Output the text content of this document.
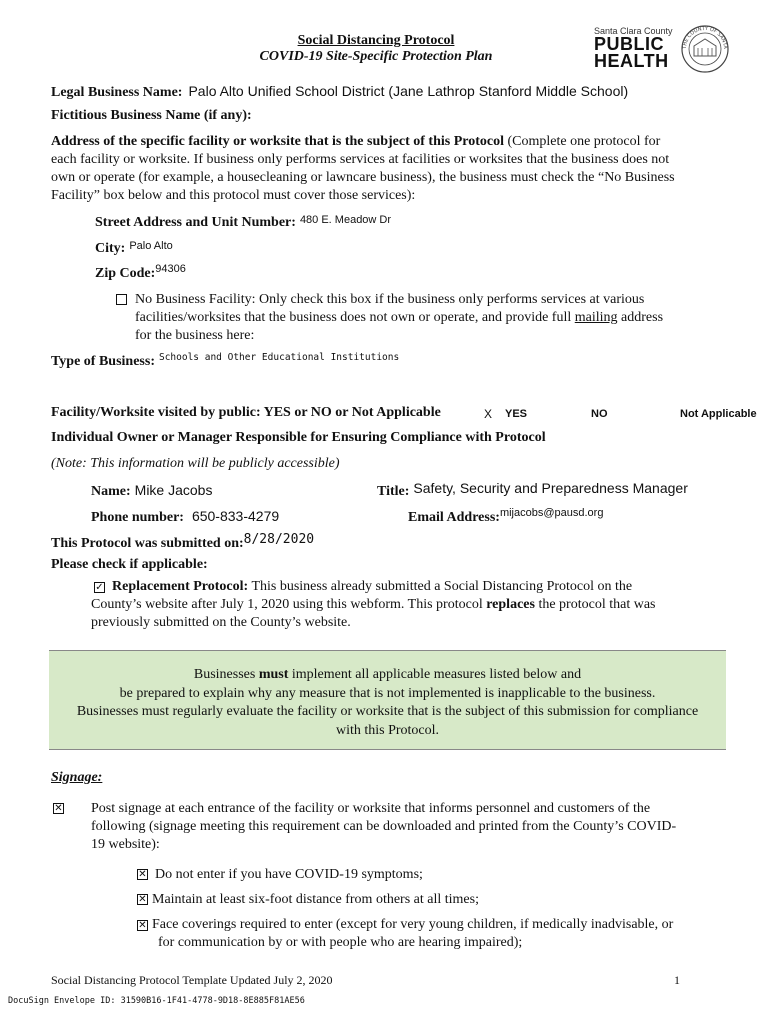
Social Distancing Protocol
COVID-19 Site-Specific Protection Plan
Santa Clara County
PUBLIC
HEALTH
THE COUNTY OF SANTA
Legal Business Name: Palo Alto Unified School District (Jane Lathrop Stanford Middle School)
Fictitious Business Name (if any):
Address of the specific facility or worksite that is the subject of this Protocol (Complete one protocol for
each facility or worksite. If business only performs services at facilities or worksites that the business does not
own or operate (for example, a housecleaning or lawncare business), the business must check the “No Business
Facility” box below and this protocol must cover those services):
Street Address and Unit Number: 480 E. Meadow Dr
City: Palo Alto
Zip Code:$^{94306}$
No Business Facility: Only check this box if the business only performs services at various
facilities/worksites that the business does not own or operate, and provide full mailing address
for the business here:
Type of Business: $^{Schools and Other Educational Institutions}$
Facility/Worksite visited by public: YES or NO or Not Applicable	X YES	NO	Not Applicable
Individual Owner or Manager Responsible for Ensuring Compliance with Protocol
(Note: This information will be publicly accessible)
Name: Mike Jacobs	Title: Safety, Security and Preparedness Manager
Phone number: 650-833-4279	Email Address:$^{mijacobs@pausd.org}$
This Protocol was submitted on:8/28/2020
Please check if applicable:
✓ Replacement Protocol: This business already submitted a Social Distancing Protocol on the
County’s website after July 1, 2020 using this webform. This protocol replaces the protocol that was
previously submitted on the County’s website.

Businesses must implement all applicable measures listed below and

be prepared to explain why any measure that is not implemented is inapplicable to the business.

Businesses must regularly evaluate the facility or worksite that is the subject of this submission for compliance

with this Protocol.

Signage:
✕ Post signage at each entrance of the facility or worksite that informs personnel and customers of the
following (signage meeting this requirement can be downloaded and printed from the County’s COVID-
19 website):
✕ Do not enter if you have COVID-19 symptoms;
✕ Maintain at least six-foot distance from others at all times;
✕ Face coverings required to enter (except for very young children, if medically inadvisable, or
for communication by or with people who are hearing impaired);
Social Distancing Protocol Template Updated July 2, 2020	1
DocuSign Envelope ID: 31590B16-1F41-4778-9D18-8E885F81AE56
